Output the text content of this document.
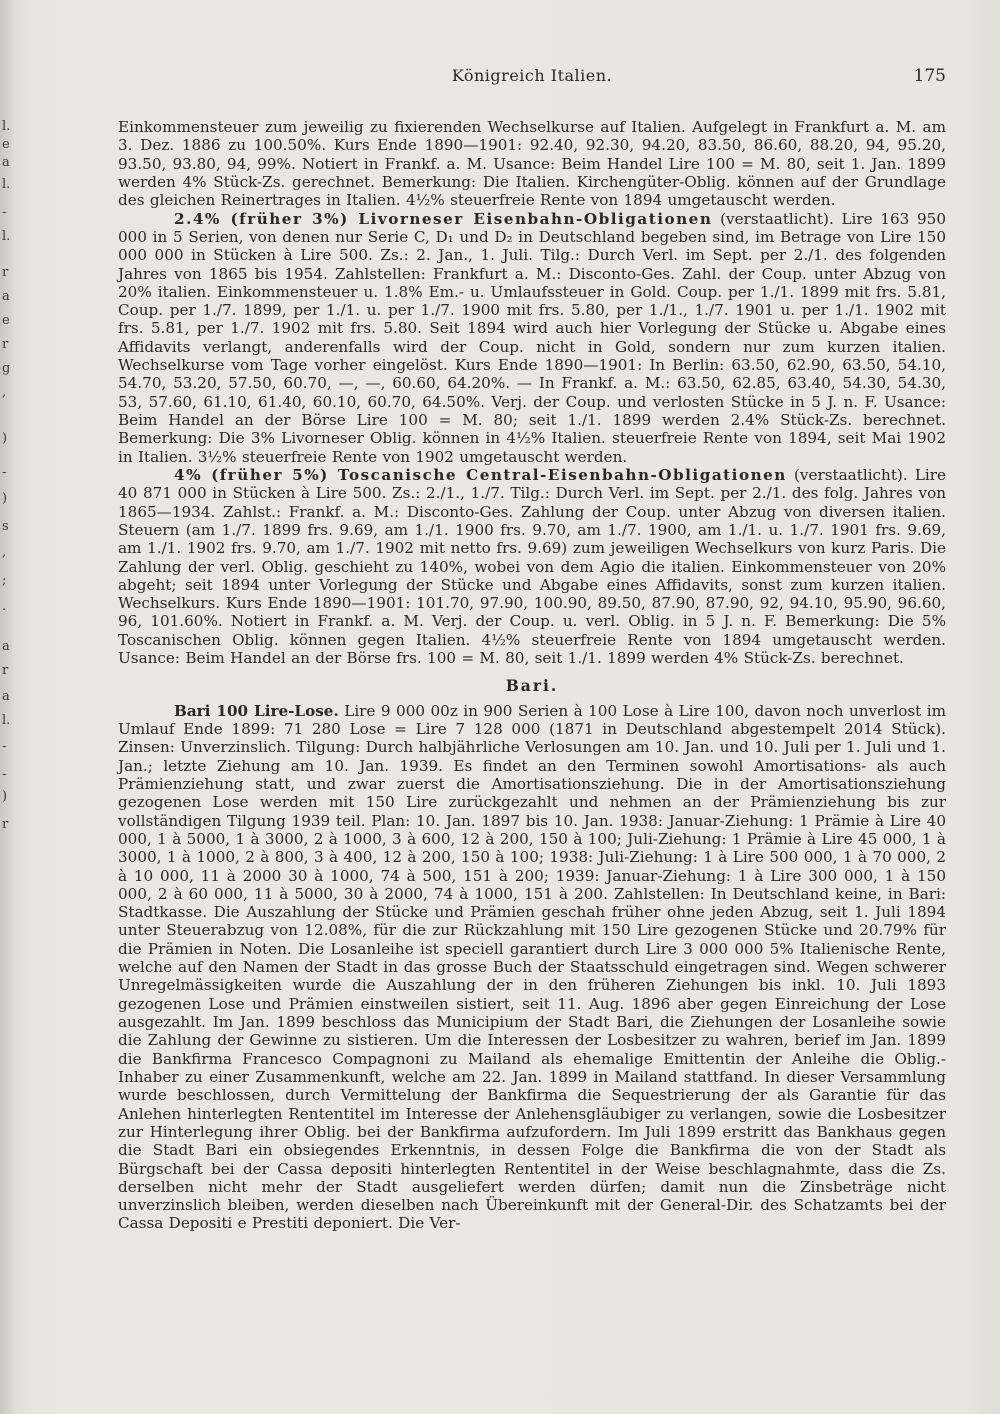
l.
e
a
l.
-
l.
r
a
e
r
g
,
)
-
)
s
,
;
.
a
r
a
l.
-
-
)
r
Königreich Italien.	175

Einkommensteuer zum jeweilig zu fixierenden Wechselkurse auf Italien. Aufgelegt in Frankfurt a. M. am 3. Dez. 1886 zu 100.50%. Kurs Ende 1890—1901: 92.40, 92.30, 94.20, 83.50, 86.60, 88.20, 94, 95.20, 93.50, 93.80, 94, 99%. Notiert in Frankf. a. M. Usance: Beim Handel Lire 100 = M. 80, seit 1. Jan. 1899 werden 4% Stück-Zs. gerechnet. Bemerkung: Die Italien. Kirchengüter-Oblig. können auf der Grundlage des gleichen Reinertrages in Italien. 4½% steuerfreie Rente von 1894 umgetauscht werden.

2.4% (früher 3%) Livorneser Eisenbahn-Obligationen (verstaatlicht). Lire 163 950 000 in 5 Serien, von denen nur Serie C, D₁ und D₂ in Deutschland begeben sind, im Betrage von Lire 150 000 000 in Stücken à Lire 500. Zs.: 2. Jan., 1. Juli. Tilg.: Durch Verl. im Sept. per 2./1. des folgenden Jahres von 1865 bis 1954. Zahlstellen: Frankfurt a. M.: Disconto-Ges. Zahl. der Coup. unter Abzug von 20% italien. Einkommensteuer u. 1.8% Em.- u. Umlaufssteuer in Gold. Coup. per 1./1. 1899 mit frs. 5.81, Coup. per 1./7. 1899, per 1./1. u. per 1./7. 1900 mit frs. 5.80, per 1./1., 1./7. 1901 u. per 1./1. 1902 mit frs. 5.81, per 1./7. 1902 mit frs. 5.80. Seit 1894 wird auch hier Vorlegung der Stücke u. Abgabe eines Affidavits verlangt, anderenfalls wird der Coup. nicht in Gold, sondern nur zum kurzen italien. Wechselkurse vom Tage vorher eingelöst. Kurs Ende 1890—1901: In Berlin: 63.50, 62.90, 63.50, 54.10, 54.70, 53.20, 57.50, 60.70, —, —, 60.60, 64.20%. — In Frankf. a. M.: 63.50, 62.85, 63.40, 54.30, 54.30, 53, 57.60, 61.10, 61.40, 60.10, 60.70, 64.50%. Verj. der Coup. und verlosten Stücke in 5 J. n. F. Usance: Beim Handel an der Börse Lire 100 = M. 80; seit 1./1. 1899 werden 2.4% Stück-Zs. berechnet. Bemerkung: Die 3% Livorneser Oblig. können in 4½% Italien. steuerfreie Rente von 1894, seit Mai 1902 in Italien. 3½% steuerfreie Rente von 1902 umgetauscht werden.

4% (früher 5%) Toscanische Central-Eisenbahn-Obligationen (verstaatlicht). Lire 40 871 000 in Stücken à Lire 500. Zs.: 2./1., 1./7. Tilg.: Durch Verl. im Sept. per 2./1. des folg. Jahres von 1865—1934. Zahlst.: Frankf. a. M.: Disconto-Ges. Zahlung der Coup. unter Abzug von diversen italien. Steuern (am 1./7. 1899 frs. 9.69, am 1./1. 1900 frs. 9.70, am 1./7. 1900, am 1./1. u. 1./7. 1901 frs. 9.69, am 1./1. 1902 frs. 9.70, am 1./7. 1902 mit netto frs. 9.69) zum jeweiligen Wechselkurs von kurz Paris. Die Zahlung der verl. Oblig. geschieht zu 140%, wobei von dem Agio die italien. Einkommensteuer von 20% abgeht; seit 1894 unter Vorlegung der Stücke und Abgabe eines Affidavits, sonst zum kurzen italien. Wechselkurs. Kurs Ende 1890—1901: 101.70, 97.90, 100.90, 89.50, 87.90, 87.90, 92, 94.10, 95.90, 96.60, 96, 101.60%. Notiert in Frankf. a. M. Verj. der Coup. u. verl. Oblig. in 5 J. n. F. Bemerkung: Die 5% Toscanischen Oblig. können gegen Italien. 4½% steuerfreie Rente von 1894 umgetauscht werden. Usance: Beim Handel an der Börse frs. 100 = M. 80, seit 1./1. 1899 werden 4% Stück-Zs. berechnet.

Bari.

Bari 100 Lire-Lose. Lire 9 000 00z in 900 Serien à 100 Lose à Lire 100, davon noch unverlost im Umlauf Ende 1899: 71 280 Lose = Lire 7 128 000 (1871 in Deutschland abgestempelt 2014 Stück). Zinsen: Unverzinslich. Tilgung: Durch halbjährliche Verlosungen am 10. Jan. und 10. Juli per 1. Juli und 1. Jan.; letzte Ziehung am 10. Jan. 1939. Es findet an den Terminen sowohl Amortisations- als auch Prämienziehung statt, und zwar zuerst die Amortisationsziehung. Die in der Amortisationsziehung gezogenen Lose werden mit 150 Lire zurückgezahlt und nehmen an der Prämienziehung bis zur vollständigen Tilgung 1939 teil. Plan: 10. Jan. 1897 bis 10. Jan. 1938: Januar-Ziehung: 1 Prämie à Lire 40 000, 1 à 5000, 1 à 3000, 2 à 1000, 3 à 600, 12 à 200, 150 à 100; Juli-Ziehung: 1 Prämie à Lire 45 000, 1 à 3000, 1 à 1000, 2 à 800, 3 à 400, 12 à 200, 150 à 100; 1938: Juli-Ziehung: 1 à Lire 500 000, 1 à 70 000, 2 à 10 000, 11 à 2000 30 à 1000, 74 à 500, 151 à 200; 1939: Januar-Ziehung: 1 à Lire 300 000, 1 à 150 000, 2 à 60 000, 11 à 5000, 30 à 2000, 74 à 1000, 151 à 200. Zahlstellen: In Deutschland keine, in Bari: Stadtkasse. Die Auszahlung der Stücke und Prämien geschah früher ohne jeden Abzug, seit 1. Juli 1894 unter Steuerabzug von 12.08%, für die zur Rückzahlung mit 150 Lire gezogenen Stücke und 20.79% für die Prämien in Noten. Die Losanleihe ist speciell garantiert durch Lire 3 000 000 5% Italienische Rente, welche auf den Namen der Stadt in das grosse Buch der Staatsschuld eingetragen sind. Wegen schwerer Unregelmässigkeiten wurde die Auszahlung der in den früheren Ziehungen bis inkl. 10. Juli 1893 gezogenen Lose und Prämien einstweilen sistiert, seit 11. Aug. 1896 aber gegen Einreichung der Lose ausgezahlt. Im Jan. 1899 beschloss das Municipium der Stadt Bari, die Ziehungen der Losanleihe sowie die Zahlung der Gewinne zu sistieren. Um die Interessen der Losbesitzer zu wahren, berief im Jan. 1899 die Bankfirma Francesco Compagnoni zu Mailand als ehemalige Emittentin der Anleihe die Oblig.-Inhaber zu einer Zusammenkunft, welche am 22. Jan. 1899 in Mailand stattfand. In dieser Versammlung wurde beschlossen, durch Vermittelung der Bankfirma die Sequestrierung der als Garantie für das Anlehen hinterlegten Rententitel im Interesse der Anlehensgläubiger zu verlangen, sowie die Losbesitzer zur Hinterlegung ihrer Oblig. bei der Bankfirma aufzufordern. Im Juli 1899 erstritt das Bankhaus gegen die Stadt Bari ein obsiegendes Erkenntnis, in dessen Folge die Bankfirma die von der Stadt als Bürgschaft bei der Cassa depositi hinterlegten Rententitel in der Weise beschlagnahmte, dass die Zs. derselben nicht mehr der Stadt ausgeliefert werden dürfen; damit nun die Zinsbeträge nicht unverzinslich bleiben, werden dieselben nach Übereinkunft mit der General-Dir. des Schatzamts bei der Cassa Depositi e Prestiti deponiert. Die Ver-
